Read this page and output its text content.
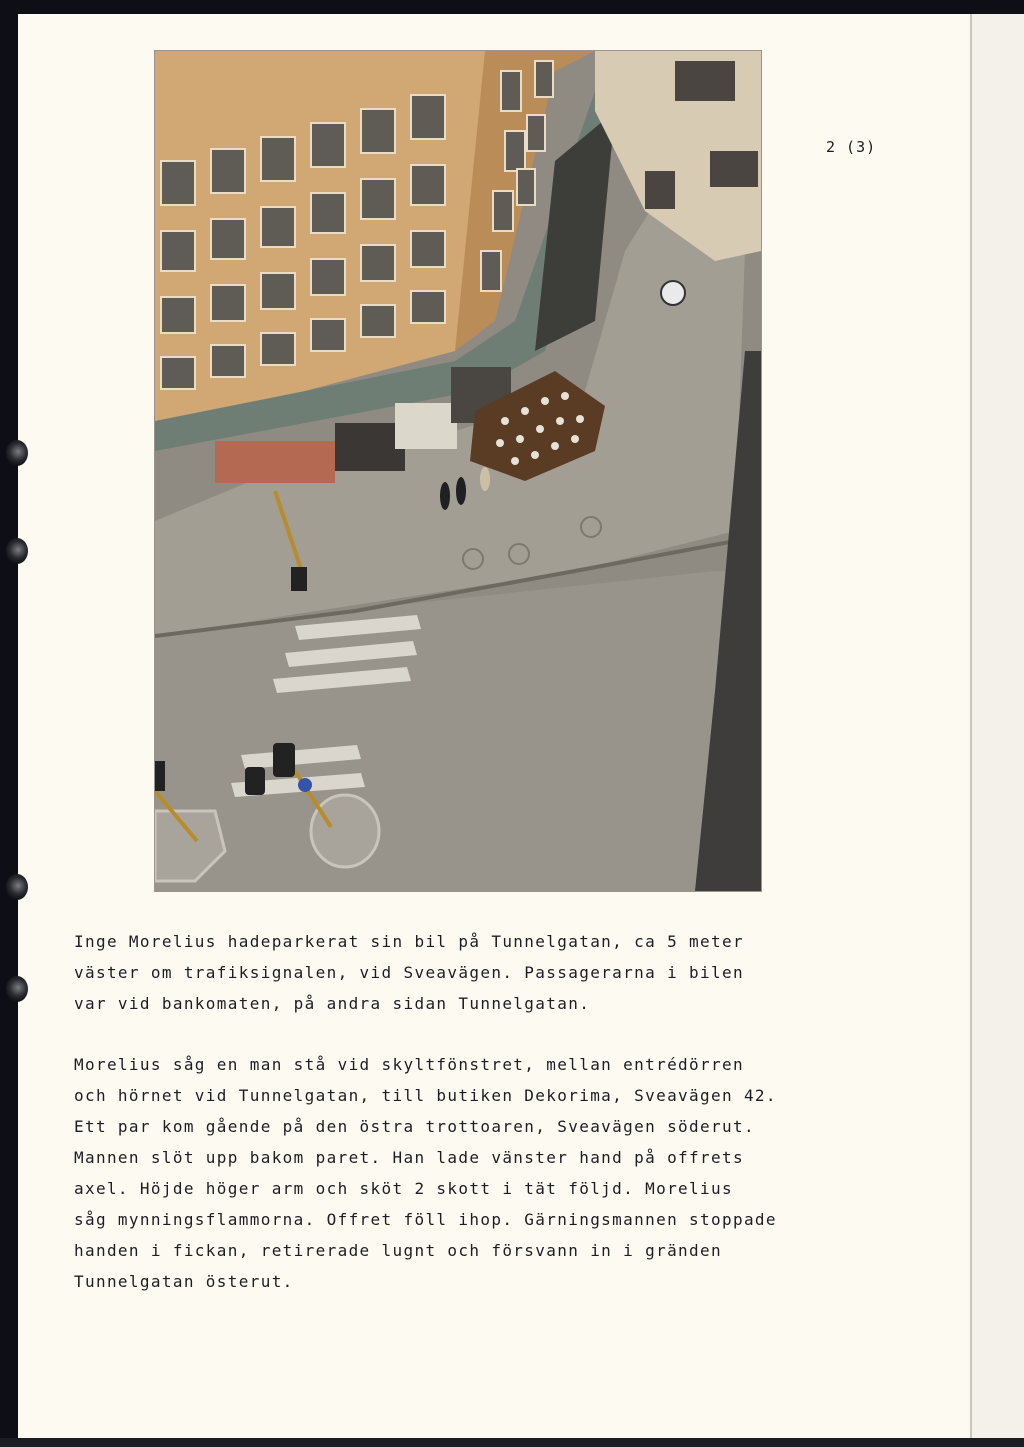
2 (3)
Inge Morelius hadeparkerat sin bil på Tunnelgatan, ca 5 meter
väster om trafiksignalen, vid Sveavägen. Passagerarna i bilen
var vid bankomaten, på andra sidan Tunnelgatan.
Morelius såg en man stå vid skyltfönstret, mellan entrédörren
och hörnet vid Tunnelgatan, till butiken Dekorima, Sveavägen 42.
Ett par kom gående på den östra trottoaren, Sveavägen söderut.
Mannen slöt upp bakom paret. Han lade vänster hand på offrets
axel. Höjde höger arm och sköt 2 skott i tät följd. Morelius
såg mynningsflammorna. Offret föll ihop. Gärningsmannen stoppade
handen i fickan, retirerade lugnt och försvann in i gränden
Tunnelgatan österut.
